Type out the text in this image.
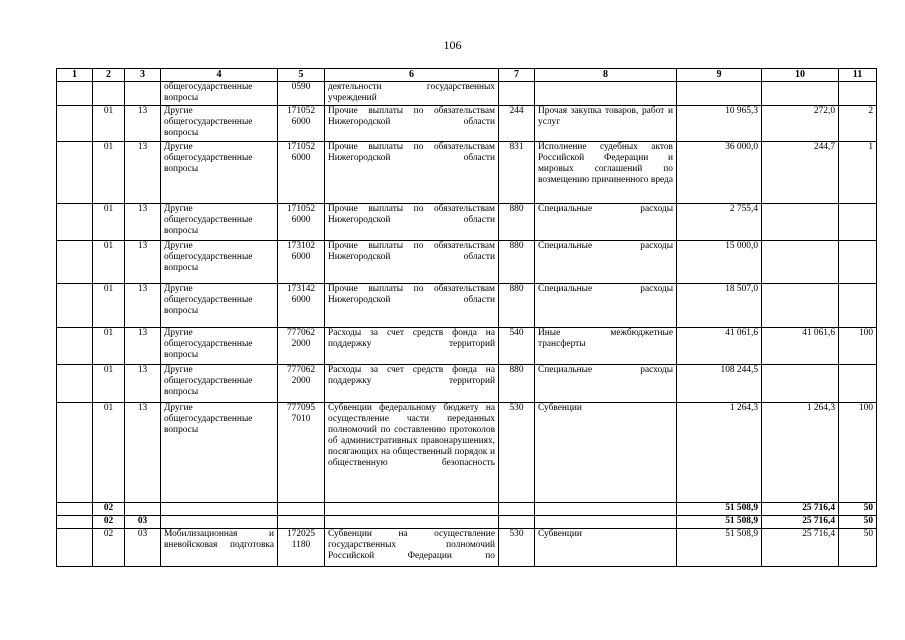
106
1	2	3	4	5	6	7	8	9	10	11
			общегосударственные вопросы	0590	деятельности государственных учреждений					
	01	13	Другие общегосударственные вопросы	171052 6000	Прочие выплаты по обязательствам Нижегородской области	244	Прочая закупка товаров, работ и услуг	10 965,3	272,0	2
	01	13	Другие общегосударственные вопросы	171052 6000	Прочие выплаты по обязательствам Нижегородской области	831	Исполнение судебных актов Российской Федерации и мировых соглашений по возмещению причиненного вреда	36 000,0	244,7	1
	01	13	Другие общегосударственные вопросы	171052 6000	Прочие выплаты по обязательствам Нижегородской области	880	Специальные расходы	2 755,4		
	01	13	Другие общегосударственные вопросы	173102 6000	Прочие выплаты по обязательствам Нижегородской области	880	Специальные расходы	15 000,0		
	01	13	Другие общегосударственные вопросы	173142 6000	Прочие выплаты по обязательствам Нижегородской области	880	Специальные расходы	18 507,0		
	01	13	Другие общегосударственные вопросы	777062 2000	Расходы за счет средств фонда на поддержку территорий	540	Иные межбюджетные трансферты	41 061,6	41 061,6	100
	01	13	Другие общегосударственные вопросы	777062 2000	Расходы за счет средств фонда на поддержку территорий	880	Специальные расходы	108 244,5		
	01	13	Другие общегосударственные вопросы	777095 7010	Субвенции федеральному бюджету на осуществление части переданных полномочий по составлению протоколов об административных правонарушениях, посягающих на общественный порядок и общественную безопасность	530	Субвенции	1 264,3	1 264,3	100
	02							51 508,9	25 716,4	50
	02	03						51 508,9	25 716,4	50
	02	03	Мобилизационная и вневойсковая подготовка	172025 1180	Субвенции на осуществление государственных полномочий Российской Федерации по	530	Субвенции	51 508,9	25 716,4	50
